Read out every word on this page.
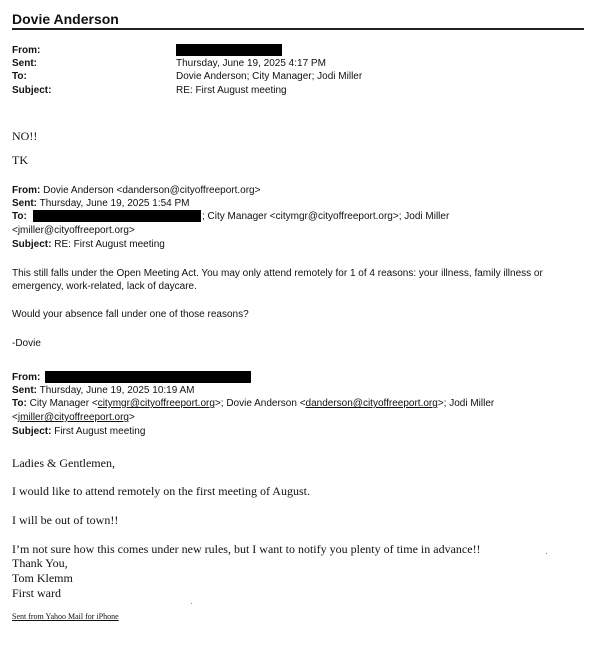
Dovie Anderson
From:
Sent:	Thursday, June 19, 2025 4:17 PM
To:	Dovie Anderson; City Manager; Jodi Miller
Subject:	RE: First August meeting
NO!!
TK
From: Dovie Anderson <danderson@cityoffreeport.org>
Sent: Thursday, June 19, 2025 1:54 PM
To:	; City Manager <citymgr@cityoffreeport.org>; Jodi Miller
<jmiller@cityoffreeport.org>
Subject: RE: First August meeting
This still falls under the Open Meeting Act. You may only attend remotely for 1 of 4 reasons: your illness, family illness or
emergency, work-related, lack of daycare.
Would your absence fall under one of those reasons?
-Dovie
From:
Sent: Thursday, June 19, 2025 10:19 AM
To: City Manager <citymgr@cityoffreeport.org>; Dovie Anderson <danderson@cityoffreeport.org>; Jodi Miller
<jmiller@cityoffreeport.org>
Subject: First August meeting
Ladies & Gentlemen,
I would like to attend remotely on the first meeting of August.
I will be out of town!!
I’m not sure how this comes under new rules, but I want to notify you plenty of time in advance!!
Thank You,
Tom Klemm
First ward
Sent from Yahoo Mail for iPhone
